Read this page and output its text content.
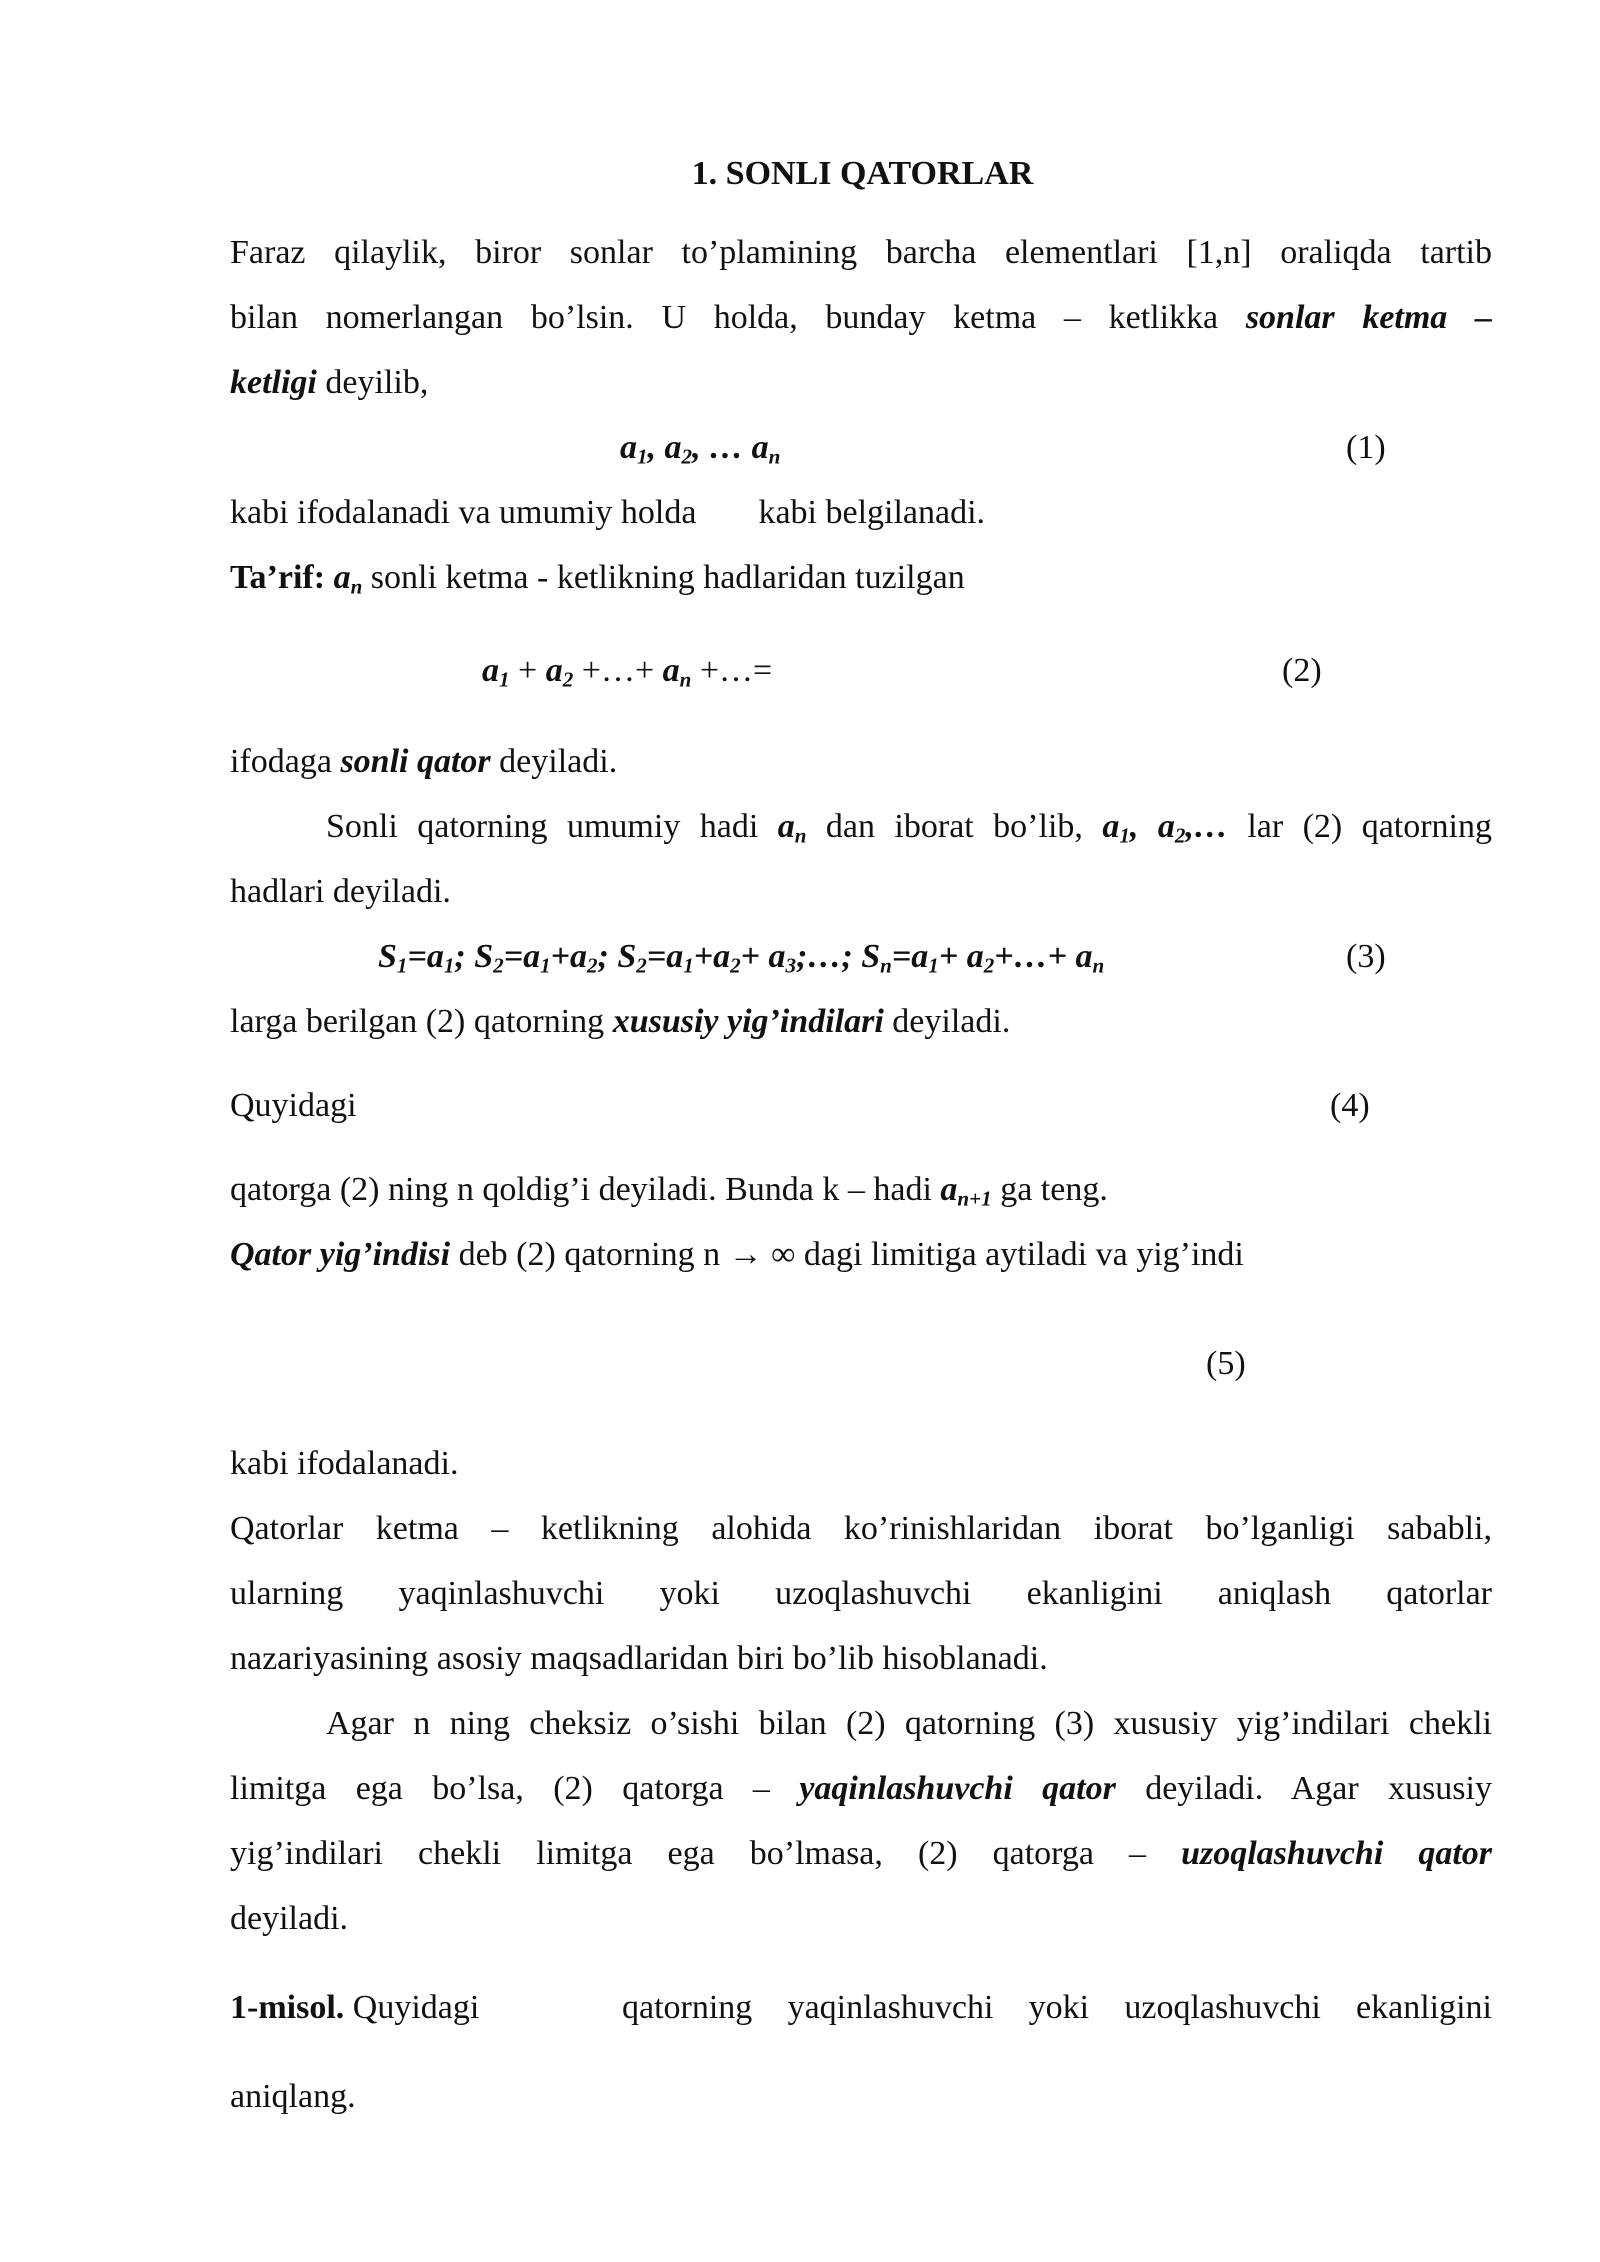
1. SONLI QATORLAR
Faraz qilaylik, biror sonlar to’plamining barcha elementlari [1,n] oraliqda tartib
bilan nomerlangan bo’lsin. U holda, bunday ketma – ketlikka sonlar ketma –
ketligi deyilib,
$a_1$, $a_2$, … $a_n$	(1)
kabi ifodalanadi va umumiy holda kabi belgilanadi.
Ta’rif: $a_n$ sonli ketma - ketlikning hadlaridan tuzilgan
$a_1 + a_2$ +…+ $a_n$ +…=	(2)
ifodaga sonli qator deyiladi.
Sonli qatorning umumiy hadi $a_n$ dan iborat bo’lib, $a_1$, $a_2,\dots$ lar (2) qatorning
hadlari deyiladi.
$S_1=a_1$; $S_2=a_1+a_2$; $S_2=a_1+a_2+$ $a_3;\dots$; $S_n=a_1+$ $a_2+\dots+ a_n$	(3)
larga berilgan (2) qatorning xususiy yig’indilari deyiladi.
Quyidagi	(4)
qatorga (2) ning n qoldig’i deyiladi. Bunda k – hadi $a_{n+1}$ ga teng.
Qator yig’indisi deb (2) qatorning n → ∞ dagi limitiga aytiladi va yig’indi
(5)
kabi ifodalanadi.
Qatorlar ketma – ketlikning alohida ko’rinishlaridan iborat bo’lganligi sababli,
ularning yaqinlashuvchi yoki uzoqlashuvchi ekanligini aniqlash qatorlar
nazariyasining asosiy maqsadlaridan biri bo’lib hisoblanadi.
Agar n ning cheksiz o’sishi bilan (2) qatorning (3) xususiy yig’indilari chekli
limitga ega bo’lsa, (2) qatorga – yaqinlashuvchi qator deyiladi. Agar xususiy
yig’indilari chekli limitga ega bo’lmasa, (2) qatorga – uzoqlashuvchi qator
deyiladi.
1-misol. Quyidagi	qatorning yaqinlashuvchi yoki uzoqlashuvchi ekanligini
aniqlang.
